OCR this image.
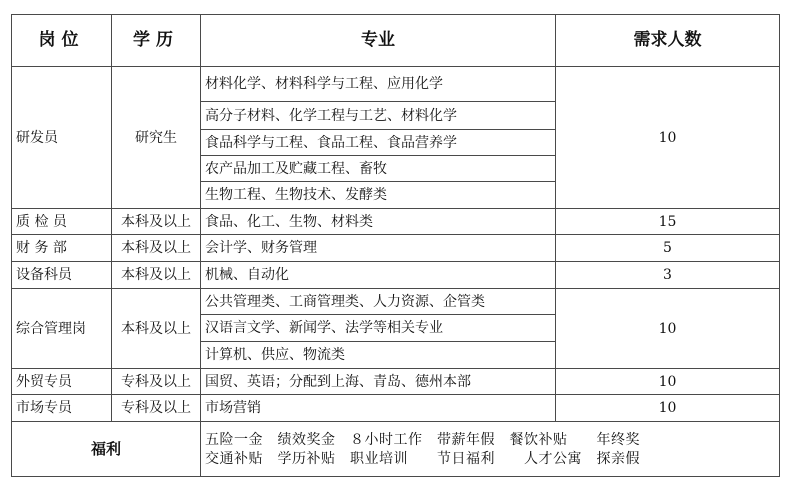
岗位	学历	专业	需求人数
研发员	研究生	材料化学、材料科学与工程、应用化学	10
		高分子材料、化学工程与工艺、材料化学	
		食品科学与工程、食品工程、食品营养学	
		农产品加工及贮藏工程、畜牧	
		生物工程、生物技术、发酵类	
质 检 员	本科及以上	食品、化工、生物、材料类	15
财 务 部	本科及以上	会计学、财务管理	5
设备科员	本科及以上	机械、自动化	3
综合管理岗	本科及以上	公共管理类、工商管理类、人力资源、企管类	10
		汉语言文学、新闻学、法学等相关专业	
		计算机、供应、物流类	
外贸专员	专科及以上	国贸、英语；分配到上海、青岛、德州本部	10
市场专员	专科及以上	市场营销	10
福利		五险一金　绩效奖金　８小时工作　带薪年假　餐饮补贴　　年终奖
交通补贴　学历补贴　职业培训　　节日福利　　人才公寓　探亲假	
